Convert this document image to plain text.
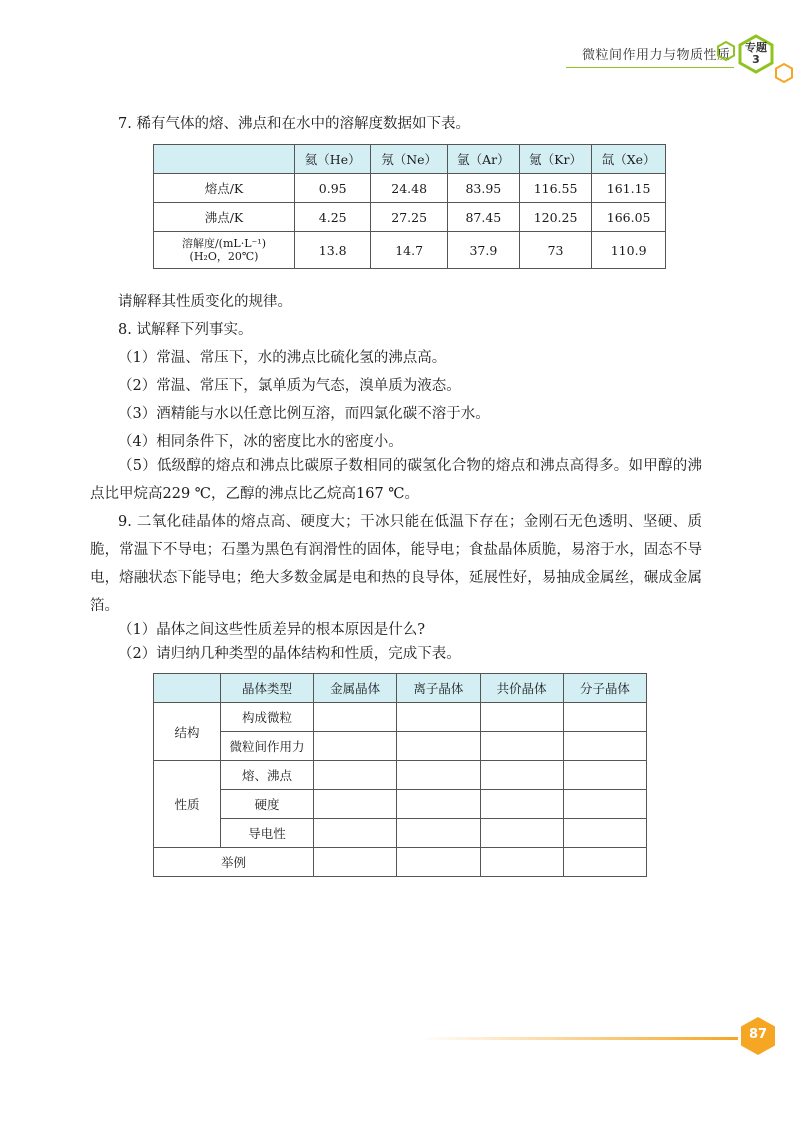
微粒间作用力与物质性质
专题
3
7. 稀有气体的熔、沸点和在水中的溶解度数据如下表。
	氦（He）	氖（Ne）	氩（Ar）	氪（Kr）	氙（Xe）
熔点/K	0.95	24.48	83.95	116.55	161.15
沸点/K	4.25	27.25	87.45	120.25	166.05

溶解度/(mL·L⁻¹)
(H₂O，20℃)	13.8	14.7	37.9	73	110.9
请解释其性质变化的规律。
8. 试解释下列事实。
（1）常温、常压下，水的沸点比硫化氢的沸点高。
（2）常温、常压下，氯单质为气态，溴单质为液态。
（3）酒精能与水以任意比例互溶，而四氯化碳不溶于水。
（4）相同条件下，冰的密度比水的密度小。
（5）低级醇的熔点和沸点比碳原子数相同的碳氢化合物的熔点和沸点高得多。如甲醇的沸点比甲烷高229 ℃，乙醇的沸点比乙烷高167 ℃。
9. 二氧化硅晶体的熔点高、硬度大；干冰只能在低温下存在；金刚石无色透明、坚硬、质脆，常温下不导电；石墨为黑色有润滑性的固体，能导电；食盐晶体质脆，易溶于水，固态不导电，熔融状态下能导电；绝大多数金属是电和热的良导体，延展性好，易抽成金属丝，碾成金属箔。
（1）晶体之间这些性质差异的根本原因是什么?
（2）请归纳几种类型的晶体结构和性质，完成下表。
	晶体类型	金属晶体	离子晶体	共价晶体	分子晶体
结构	构成微粒				
	微粒间作用力				
性质	熔、沸点				
	硬度				
	导电性				
举例					
87
